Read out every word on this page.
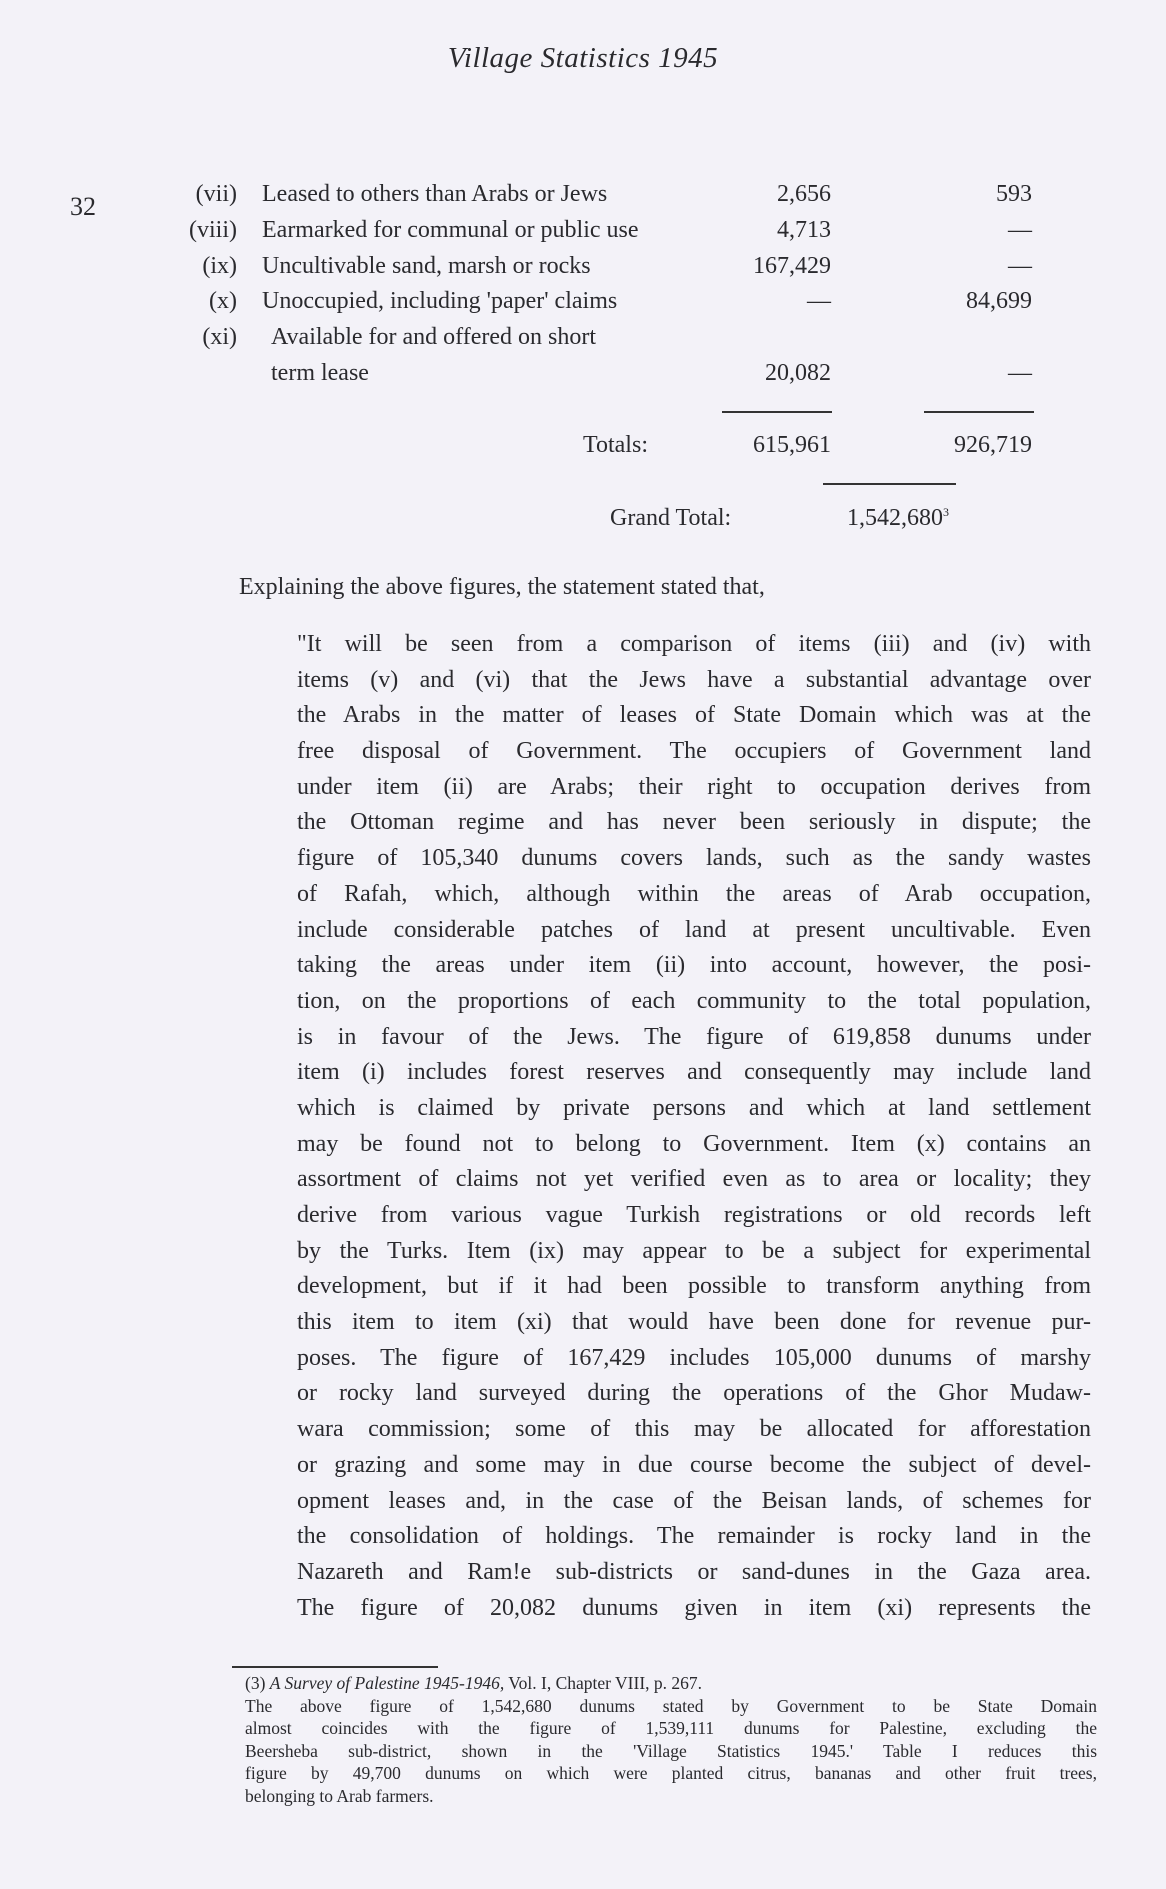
Village Statistics 1945
32	(vii) Leased to others than Arabs or Jews	2,656	593
(viii) Earmarked for communal or public use	4,713	—
(ix) Uncultivable sand, marsh or rocks	167,429	—
(x) Unoccupied, including 'paper' claims	—	84,699
(xi) Available for and offered on short
term lease	20,082	—
Totals:	615,961	926,719
Grand Total:	1,542,680$^3$
Explaining the above figures, the statement stated that,
"It will be seen from a comparison of items (iii) and (iv) with
items (v) and (vi) that the Jews have a substantial advantage over
the Arabs in the matter of leases of State Domain which was at the
free disposal of Government. The occupiers of Government land
under item (ii) are Arabs; their right to occupation derives from
the Ottoman regime and has never been seriously in dispute; the
figure of 105,340 dunums covers lands, such as the sandy wastes
of Rafah, which, although within the areas of Arab occupation,
include considerable patches of land at present uncultivable. Even
taking the areas under item (ii) into account, however, the posi-
tion, on the proportions of each community to the total population,
is in favour of the Jews. The figure of 619,858 dunums under
item (i) includes forest reserves and consequently may include land
which is claimed by private persons and which at land settlement
may be found not to belong to Government. Item (x) contains an
assortment of claims not yet verified even as to area or locality; they
derive from various vague Turkish registrations or old records left
by the Turks. Item (ix) may appear to be a subject for experimental
development, but if it had been possible to transform anything from
this item to item (xi) that would have been done for revenue pur-
poses. The figure of 167,429 includes 105,000 dunums of marshy
or rocky land surveyed during the operations of the Ghor Mudaw-
wara commission; some of this may be allocated for afforestation
or grazing and some may in due course become the subject of devel-
opment leases and, in the case of the Beisan lands, of schemes for
the consolidation of holdings. The remainder is rocky land in the
Nazareth and Ram!e sub-districts or sand-dunes in the Gaza area.
The figure of 20,082 dunums given in item (xi) represents the
(3) A Survey of Palestine 1945-1946, Vol. I, Chapter VIII, p. 267.
The above figure of 1,542,680 dunums stated by Government to be State Domain
almost coincides with the figure of 1,539,111 dunums for Palestine, excluding the
Beersheba sub-district, shown in the 'Village Statistics 1945.' Table I reduces this
figure by 49,700 dunums on which were planted citrus, bananas and other fruit trees,
belonging to Arab farmers.
